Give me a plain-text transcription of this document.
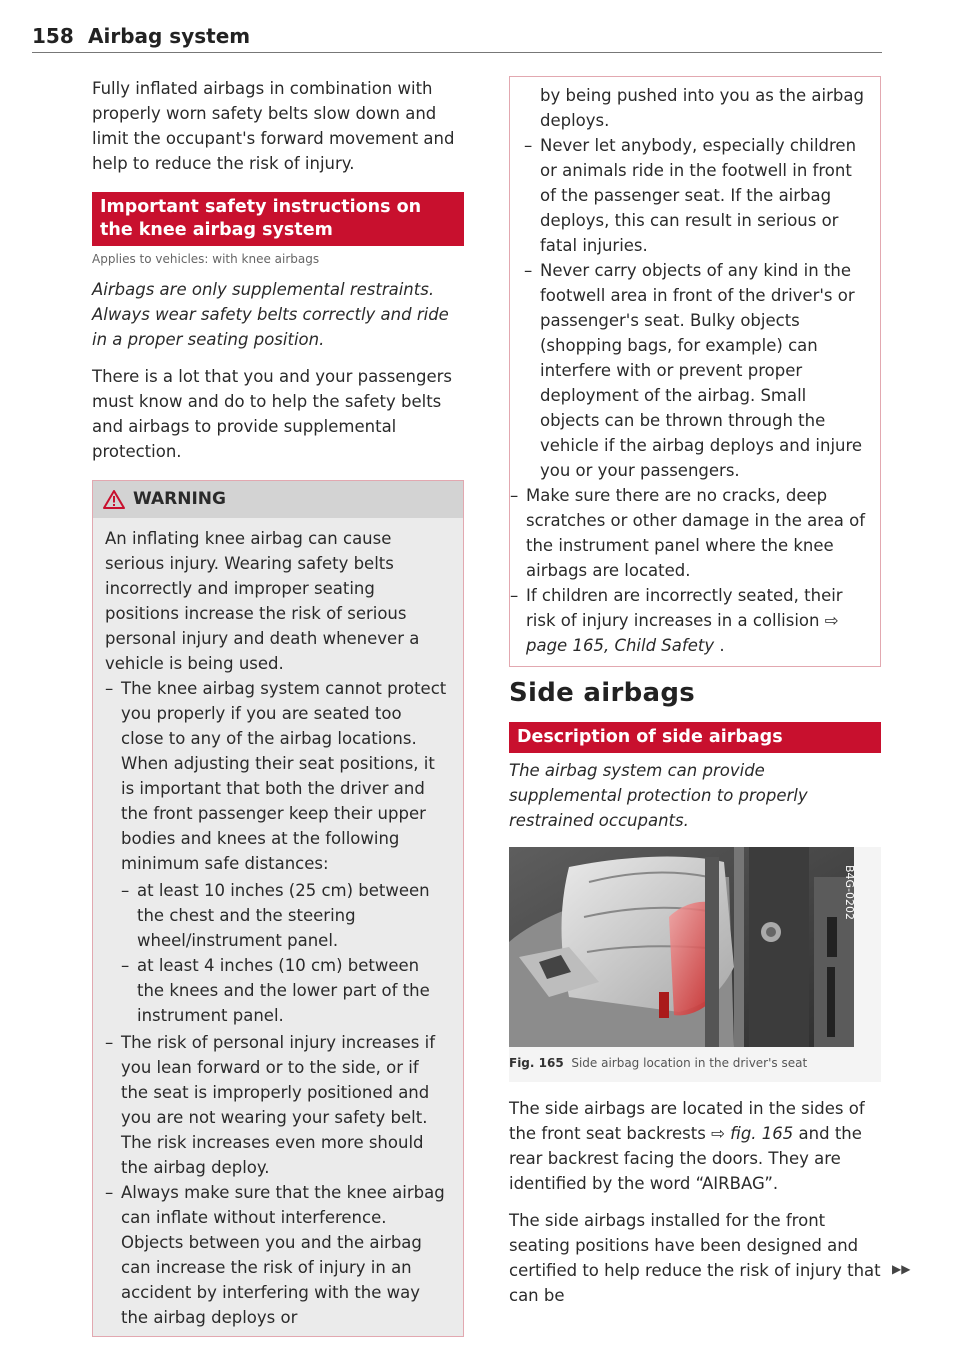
158 Airbag system

Fully inflated airbags in combination with properly worn safety belts slow down and limit the occupant's forward movement and help to reduce the risk of injury.

Important safety instructions on the knee airbag system
Applies to vehicles: with knee airbags

Airbags are only supplemental restraints. Always wear safety belts correctly and ride in a proper seating position.

There is a lot that you and your passengers must know and do to help the safety belts and airbags to provide supplemental protection.

WARNING
An inflating knee airbag can cause serious injury. Wearing safety belts incorrectly and improper seating positions increase the risk of serious personal injury and death whenever a vehicle is being used.
– The knee airbag system cannot protect you properly if you are seated too close to any of the airbag locations. When adjusting their seat positions, it is important that both the driver and the front passenger keep their upper bodies and knees at the following minimum safe distances:
– at least 10 inches (25 cm) between the chest and the steering wheel/instrument panel.
– at least 4 inches (10 cm) between the knees and the lower part of the instrument panel.
– The risk of personal injury increases if you lean forward or to the side, or if the seat is improperly positioned and you are not wearing your safety belt. The risk increases even more should the airbag deploy.
– Always make sure that the knee airbag can inflate without interference. Objects between you and the airbag can increase the risk of injury in an accident by interfering with the way the airbag deploys or
by being pushed into you as the airbag deploys.
– Never let anybody, especially children or animals ride in the footwell in front of the passenger seat. If the airbag deploys, this can result in serious or fatal injuries.
– Never carry objects of any kind in the footwell area in front of the driver's or passenger's seat. Bulky objects (shopping bags, for example) can interfere with or prevent proper deployment of the airbag. Small objects can be thrown through the vehicle if the airbag deploys and injure you or your passengers.
– Make sure there are no cracks, deep scratches or other damage in the area of the instrument panel where the knee airbags are located.
– If children are incorrectly seated, their risk of injury increases in a collision ⇨ page 165, Child Safety .
Side airbags
Description of side airbags

The airbag system can provide supplemental protection to properly restrained occupants.

B4G-0202
Fig. 165 Side airbag location in the driver's seat

The side airbags are located in the sides of the front seat backrests ⇨ fig. 165 and the rear backrest facing the doors. They are identified by the word “AIRBAG”.

The side airbags installed for the front seating positions have been designed and certified to help reduce the risk of injury that can be

▶▶
